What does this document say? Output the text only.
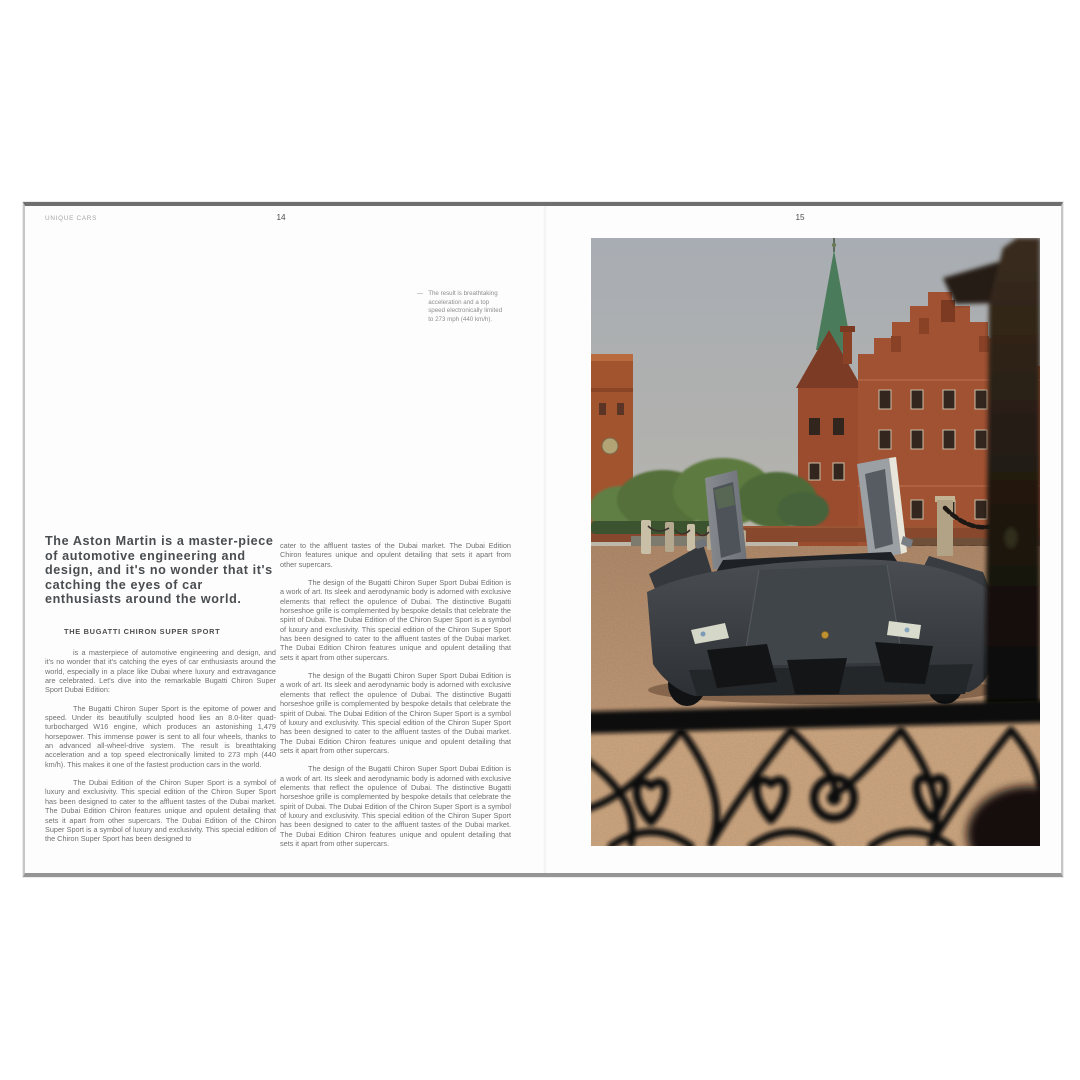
UNIQUE CARS	14	15
— The result is breathtaking acceleration and a top speed electronically limited to 273 mph (440 km/h).
The Aston Martin is a master-piece of automotive engineering and design, and it's no wonder that it's catching the eyes of car enthusiasts around the world.
THE BUGATTI CHIRON SUPER SPORT

is a masterpiece of automotive engineering and design, and it's no wonder that it's catching the eyes of car enthusiasts around the world, especially in a place like Dubai where luxury and extravagance are celebrated. Let's dive into the remarkable Bugatti Chiron Super Sport Dubai Edition:

The Bugatti Chiron Super Sport is the epitome of power and speed. Under its beautifully sculpted hood lies an 8.0-liter quad-turbocharged W16 engine, which produces an astonishing 1,479 horsepower. This immense power is sent to all four wheels, thanks to an advanced all-wheel-drive system. The result is breathtaking acceleration and a top speed electronically limited to 273 mph (440 km/h). This makes it one of the fastest production cars in the world.

The Dubai Edition of the Chiron Super Sport is a symbol of luxury and exclusivity. This special edition of the Chiron Super Sport has been designed to cater to the affluent tastes of the Dubai market. The Dubai Edition Chiron features unique and opulent detailing that sets it apart from other supercars. The Dubai Edition of the Chiron Super Sport is a symbol of luxury and exclusivity. This special edition of the Chiron Super Sport has been designed to

cater to the affluent tastes of the Dubai market. The Dubai Edition Chiron features unique and opulent detailing that sets it apart from other supercars.

The design of the Bugatti Chiron Super Sport Dubai Edition is a work of art. Its sleek and aerodynamic body is adorned with exclusive elements that reflect the opulence of Dubai. The distinctive Bugatti horseshoe grille is complemented by bespoke details that celebrate the spirit of Dubai. The Dubai Edition of the Chiron Super Sport is a symbol of luxury and exclusivity. This special edition of the Chiron Super Sport has been designed to cater to the affluent tastes of the Dubai market. The Dubai Edition Chiron features unique and opulent detailing that sets it apart from other supercars.

The design of the Bugatti Chiron Super Sport Dubai Edition is a work of art. Its sleek and aerodynamic body is adorned with exclusive elements that reflect the opulence of Dubai. The distinctive Bugatti horseshoe grille is complemented by bespoke details that celebrate the spirit of Dubai. The Dubai Edition of the Chiron Super Sport is a symbol of luxury and exclusivity. This special edition of the Chiron Super Sport has been designed to cater to the affluent tastes of the Dubai market. The Dubai Edition Chiron features unique and opulent detailing that sets it apart from other supercars.

The design of the Bugatti Chiron Super Sport Dubai Edition is a work of art. Its sleek and aerodynamic body is adorned with exclusive elements that reflect the opulence of Dubai. The distinctive Bugatti horseshoe grille is complemented by bespoke details that celebrate the spirit of Dubai. The Dubai Edition of the Chiron Super Sport is a symbol of luxury and exclusivity. This special edition of the Chiron Super Sport has been designed to cater to the affluent tastes of the Dubai market. The Dubai Edition Chiron features unique and opulent detailing that sets it apart from other supercars.
